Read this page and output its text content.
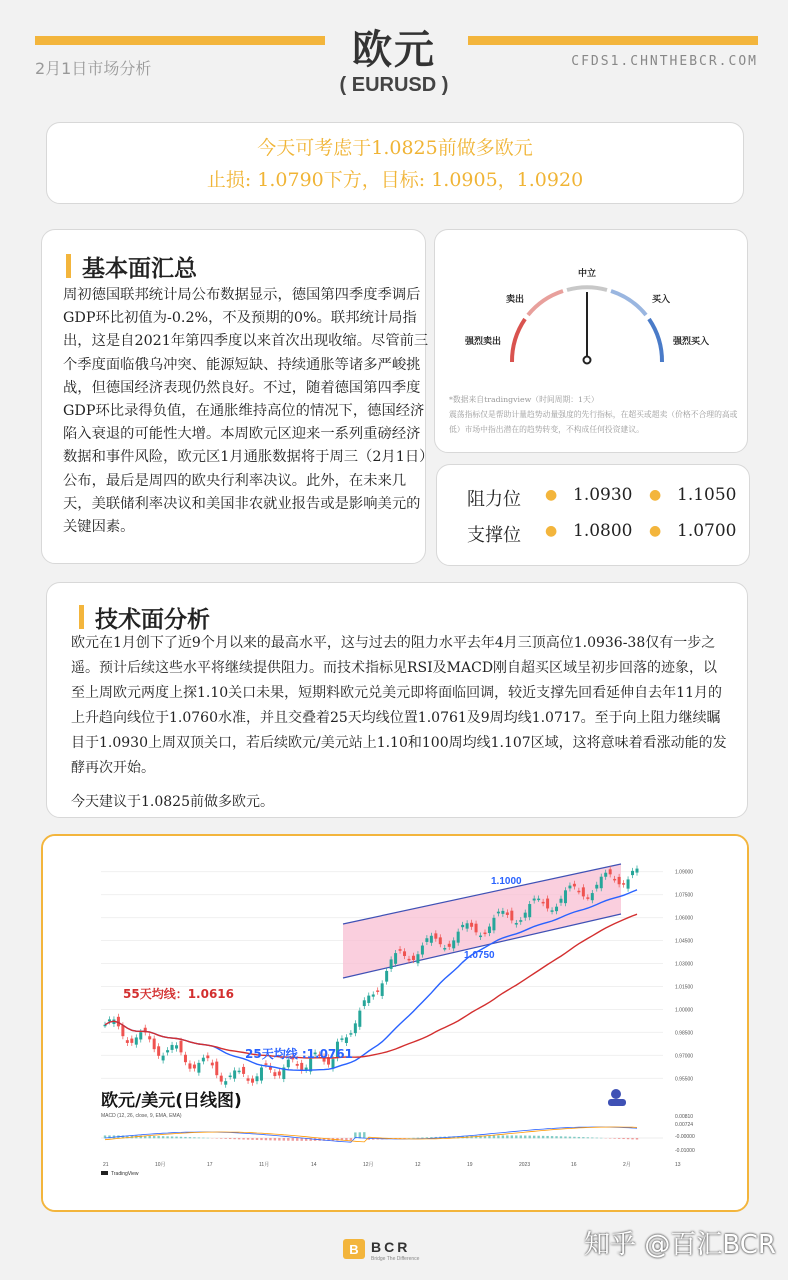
欧元
( EURUSD )
2月1日市场分析	CFDS1.CHNTHEBCR.COM
今天可考虑于1.0825前做多欧元
止损: 1.0790下方，目标: 1.0905，1.0920
基本面汇总
周初德国联邦统计局公布数据显示，德国第四季度季调后GDP环比初值为-0.2%，不及预期的0%。联邦统计局指出，这是自2021年第四季度以来首次出现收缩。尽管前三个季度面临俄乌冲突、能源短缺、持续通胀等诸多严峻挑战，但德国经济表现仍然良好。不过，随着德国第四季度GDP环比录得负值，在通胀维持高位的情况下，德国经济陷入衰退的可能性大增。本周欧元区迎来一系列重磅经济数据和事件风险，欧元区1月通胀数据将于周三（2月1日）公布，最后是周四的欧央行利率决议。此外，在未来几天，美联储利率决议和美国非农就业报告或是影响美元的关键因素。
中立
卖出	买入
强烈卖出	强烈买入
*数据来自tradingview（时间周期：1天）
震荡指标仅是帮助计量趋势动量强度的先行指标，在超买或超卖（价格不合理的高或低）市场中指出潜在的趋势转变，不构成任何投资建议。
阻力位 ● 1.0930 ● 1.1050
支撑位 ● 1.0800 ● 1.0700
技术面分析
欧元在1月创下了近9个月以来的最高水平，这与过去的阻力水平去年4月三顶高位1.0936-38仅有一步之遥。预计后续这些水平将继续提供阻力。而技术指标见RSI及MACD刚自超买区域呈初步回落的迹象，以至上周欧元两度上探1.10关口未果，短期料欧元兑美元即将面临回调，较近支撑先回看延伸自去年11月的上升趋向线位于1.0760水准，并且交叠着25天均线位置1.0761及9周均线1.0717。至于向上阻力继续瞩目于1.0930上周双顶关口，若后续欧元/美元站上1.10和100周均线1.107区域，这将意味着看涨动能的发酵再次开始。
今天建议于1.0825前做多欧元。
0.00810
0.00724
-0.00000
-0.01000
1.09000
1.07500
1.06000
1.04500
1.03000
1.01500
1.00000
0.98500
0.97000
0.95500
21	10月	17	11月	14	12月	12	19	2023	16	2月	13
1.1000
1.0750
55天均线：1.0616
25天均线 :1.0761
欧元/美元(日线图)
MACD (12, 26, close, 9, EMA, EMA)
TradingView
B BCR
Bridge The Difference	知乎 @百汇BCR
